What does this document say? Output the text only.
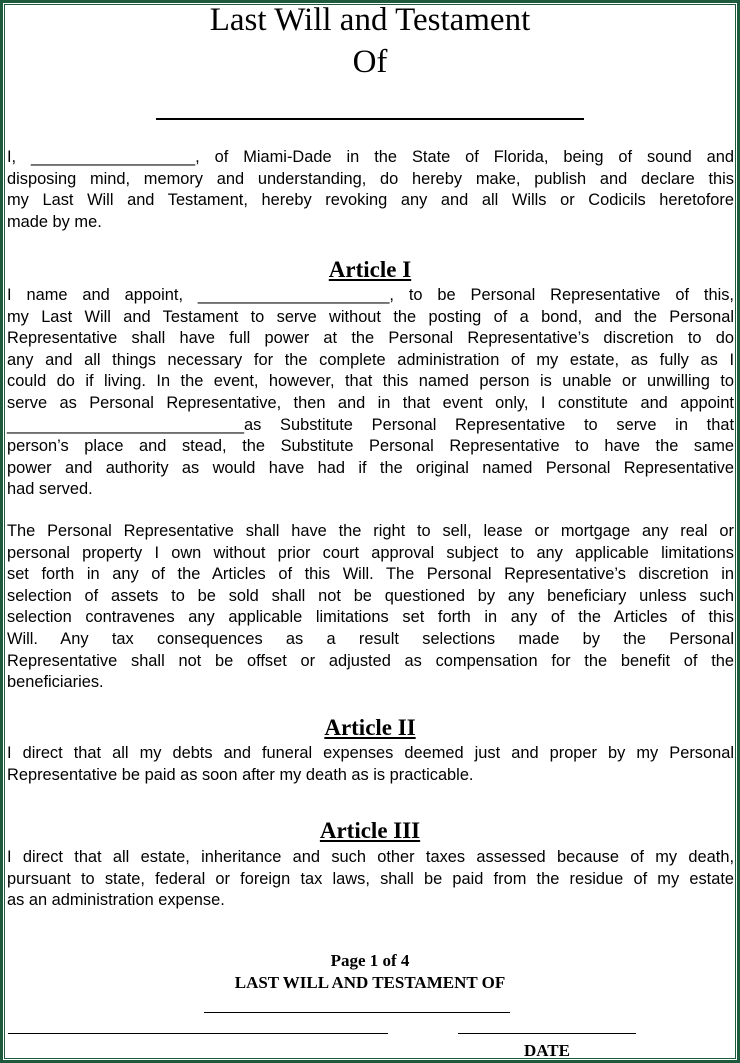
Last Will and Testament
Of
I, __________________, of Miami-Dade in the State of Florida, being of sound and
disposing mind, memory and understanding, do hereby make, publish and declare this
my Last Will and Testament, hereby revoking any and all Wills or Codicils heretofore
made by me.
Article I
I name and appoint, _____________________, to be Personal Representative of this,
my Last Will and Testament to serve without the posting of a bond, and the Personal
Representative shall have full power at the Personal Representative’s discretion to do
any and all things necessary for the complete administration of my estate, as fully as I
could do if living. In the event, however, that this named person is unable or unwilling to
serve as Personal Representative, then and in that event only, I constitute and appoint
__________________________as Substitute Personal Representative to serve in that
person’s place and stead, the Substitute Personal Representative to have the same
power and authority as would have had if the original named Personal Representative
had served.
The Personal Representative shall have the right to sell, lease or mortgage any real or
personal property I own without prior court approval subject to any applicable limitations
set forth in any of the Articles of this Will. The Personal Representative’s discretion in
selection of assets to be sold shall not be questioned by any beneficiary unless such
selection contravenes any applicable limitations set forth in any of the Articles of this
Will. Any tax consequences as a result selections made by the Personal
Representative shall not be offset or adjusted as compensation for the benefit of the
beneficiaries.
Article II
I direct that all my debts and funeral expenses deemed just and proper by my Personal
Representative be paid as soon after my death as is practicable.
Article III
I direct that all estate, inheritance and such other taxes assessed because of my death,
pursuant to state, federal or foreign tax laws, shall be paid from the residue of my estate
as an administration expense.
Page 1 of 4
LAST WILL AND TESTAMENT OF
DATE
